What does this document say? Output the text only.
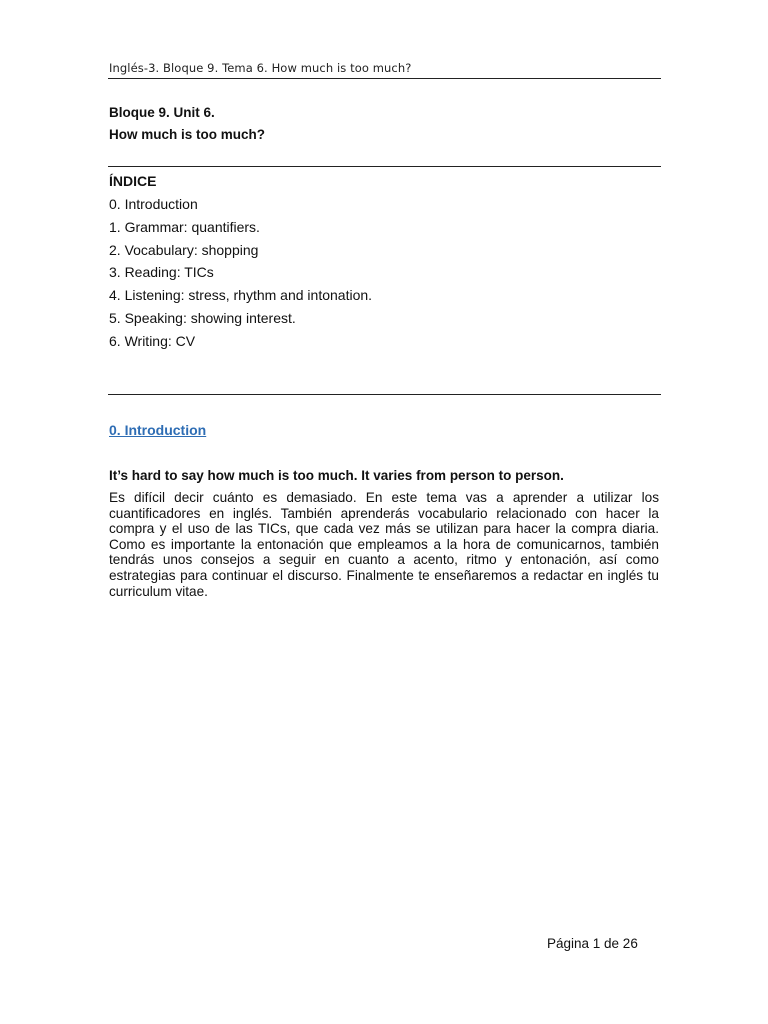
Inglés-3. Bloque 9. Tema 6. How much is too much?
Bloque 9. Unit 6.
How much is too much?
ÍNDICE
0. Introduction
1. Grammar: quantifiers.
2. Vocabulary: shopping
3. Reading: TICs
4. Listening: stress, rhythm and intonation.
5. Speaking: showing interest.
6. Writing: CV
0. Introduction
It’s hard to say how much is too much. It varies from person to person.

Es difícil decir cuánto es demasiado. En este tema vas a aprender a utilizar los cuantificadores en inglés. También aprenderás vocabulario relacionado con hacer la compra y el uso de las TICs, que cada vez más se utilizan para hacer la compra diaria. Como es importante la entonación que empleamos a la hora de comunicarnos, también tendrás unos consejos a seguir en cuanto a acento, ritmo y entonación, así como estrategias para continuar el discurso. Finalmente te enseñaremos a redactar en inglés tu curriculum vitae.

Página 1 de 26
